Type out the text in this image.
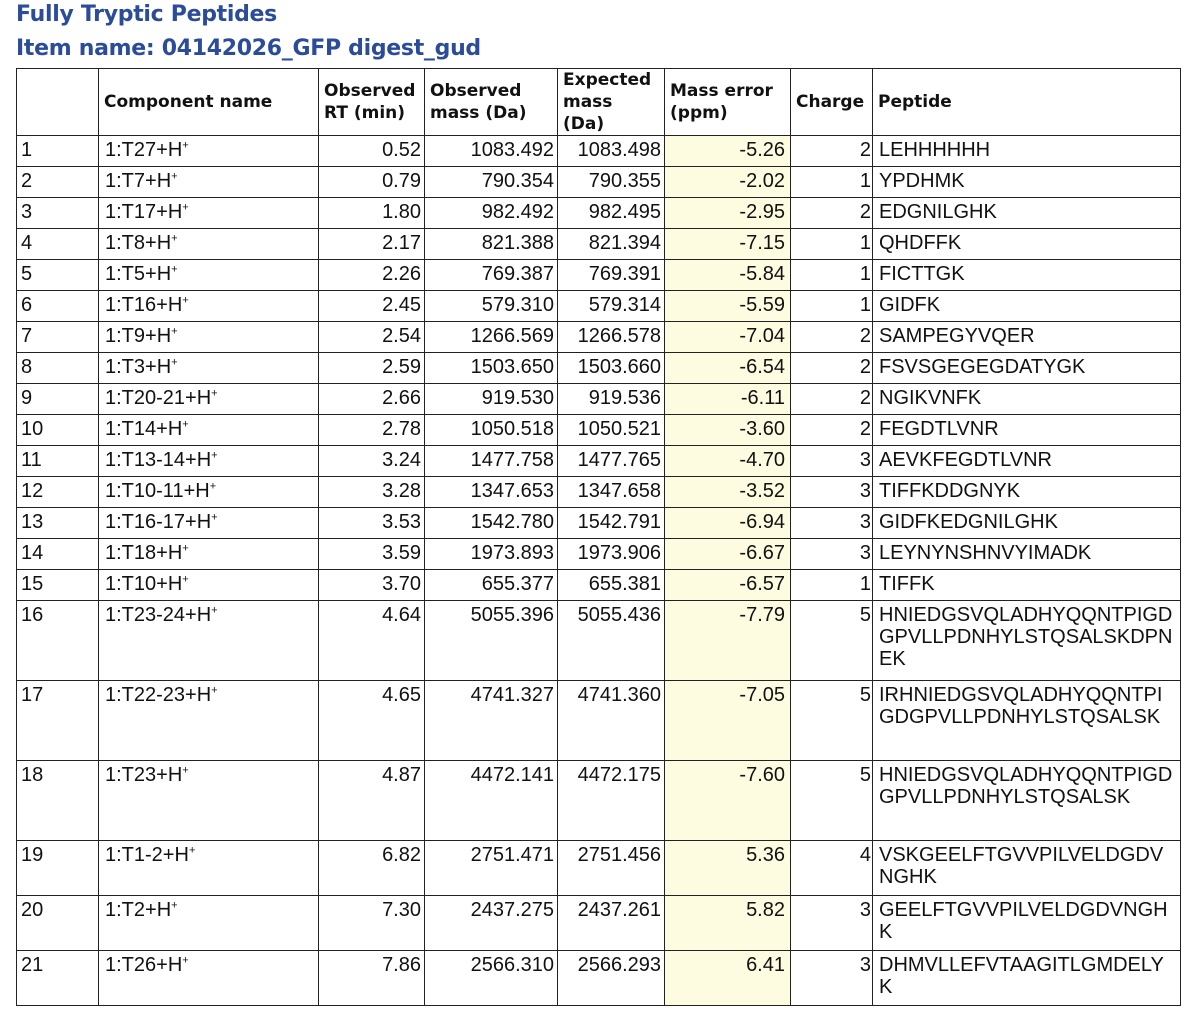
Fully Tryptic Peptides
Item name: 04142026_GFP digest_gud
	Component name	Observed RT (min)	Observed mass (Da)	Expected mass (Da)	Mass error (ppm)	Charge	Peptide
1	1:T27+H+	0.52	1083.492	1083.498	-5.26	2	LEHHHHHH
2	1:T7+H+	0.79	790.354	790.355	-2.02	1	YPDHMK
3	1:T17+H+	1.80	982.492	982.495	-2.95	2	EDGNILGHK
4	1:T8+H+	2.17	821.388	821.394	-7.15	1	QHDFFK
5	1:T5+H+	2.26	769.387	769.391	-5.84	1	FICTTGK
6	1:T16+H+	2.45	579.310	579.314	-5.59	1	GIDFK
7	1:T9+H+	2.54	1266.569	1266.578	-7.04	2	SAMPEGYVQER
8	1:T3+H+	2.59	1503.650	1503.660	-6.54	2	FSVSGEGEGDATYGK
9	1:T20-21+H+	2.66	919.530	919.536	-6.11	2	NGIKVNFK
10	1:T14+H+	2.78	1050.518	1050.521	-3.60	2	FEGDTLVNR
11	1:T13-14+H+	3.24	1477.758	1477.765	-4.70	3	AEVKFEGDTLVNR
12	1:T10-11+H+	3.28	1347.653	1347.658	-3.52	3	TIFFKDDGNYK
13	1:T16-17+H+	3.53	1542.780	1542.791	-6.94	3	GIDFKEDGNILGHK
14	1:T18+H+	3.59	1973.893	1973.906	-6.67	3	LEYNYNSHNVYIMADK
15	1:T10+H+	3.70	655.377	655.381	-6.57	1	TIFFK
16	1:T23-24+H+	4.64	5055.396	5055.436	-7.79	5	HNIEDGSVQLADHYQQNTPIGDGPVLLPDNHYLSTQSALSKDPNEK
17	1:T22-23+H+	4.65	4741.327	4741.360	-7.05	5	IRHNIEDGSVQLADHYQQNTPIGDGPVLLPDNHYLSTQSALSK
18	1:T23+H+	4.87	4472.141	4472.175	-7.60	5	HNIEDGSVQLADHYQQNTPIGDGPVLLPDNHYLSTQSALSK
19	1:T1-2+H+	6.82	2751.471	2751.456	5.36	4	VSKGEELFTGVVPILVELDGDVNGHK
20	1:T2+H+	7.30	2437.275	2437.261	5.82	3	GEELFTGVVPILVELDGDVNGHK
21	1:T26+H+	7.86	2566.310	2566.293	6.41	3	DHMVLLEFVTAAGITLGMDELYK
